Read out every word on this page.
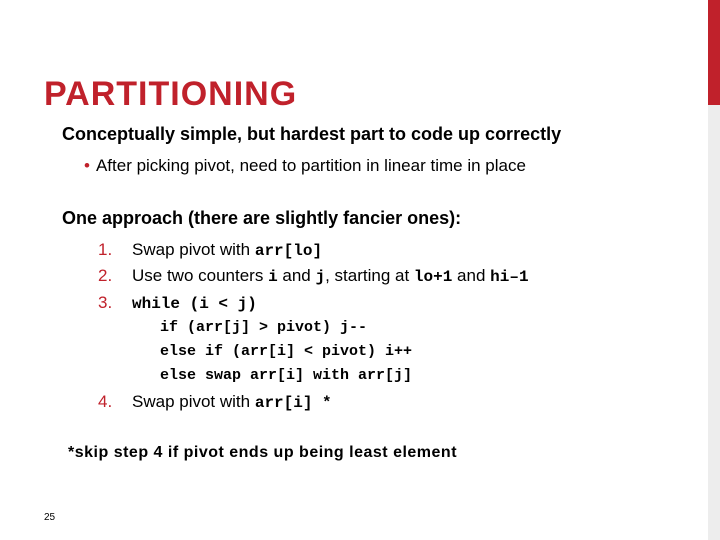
PARTITIONING
Conceptually simple, but hardest part to code up correctly
• After picking pivot, need to partition in linear time in place
One approach (there are slightly fancier ones):
1. Swap pivot with arr[lo]
2. Use two counters i and j, starting at lo+1 and hi–1
3. while (i < j)
if (arr[j] > pivot) j--
else if (arr[i] < pivot) i++
else swap arr[i] with arr[j]
4. Swap pivot with arr[i] *
*skip step 4 if pivot ends up being least element
25
